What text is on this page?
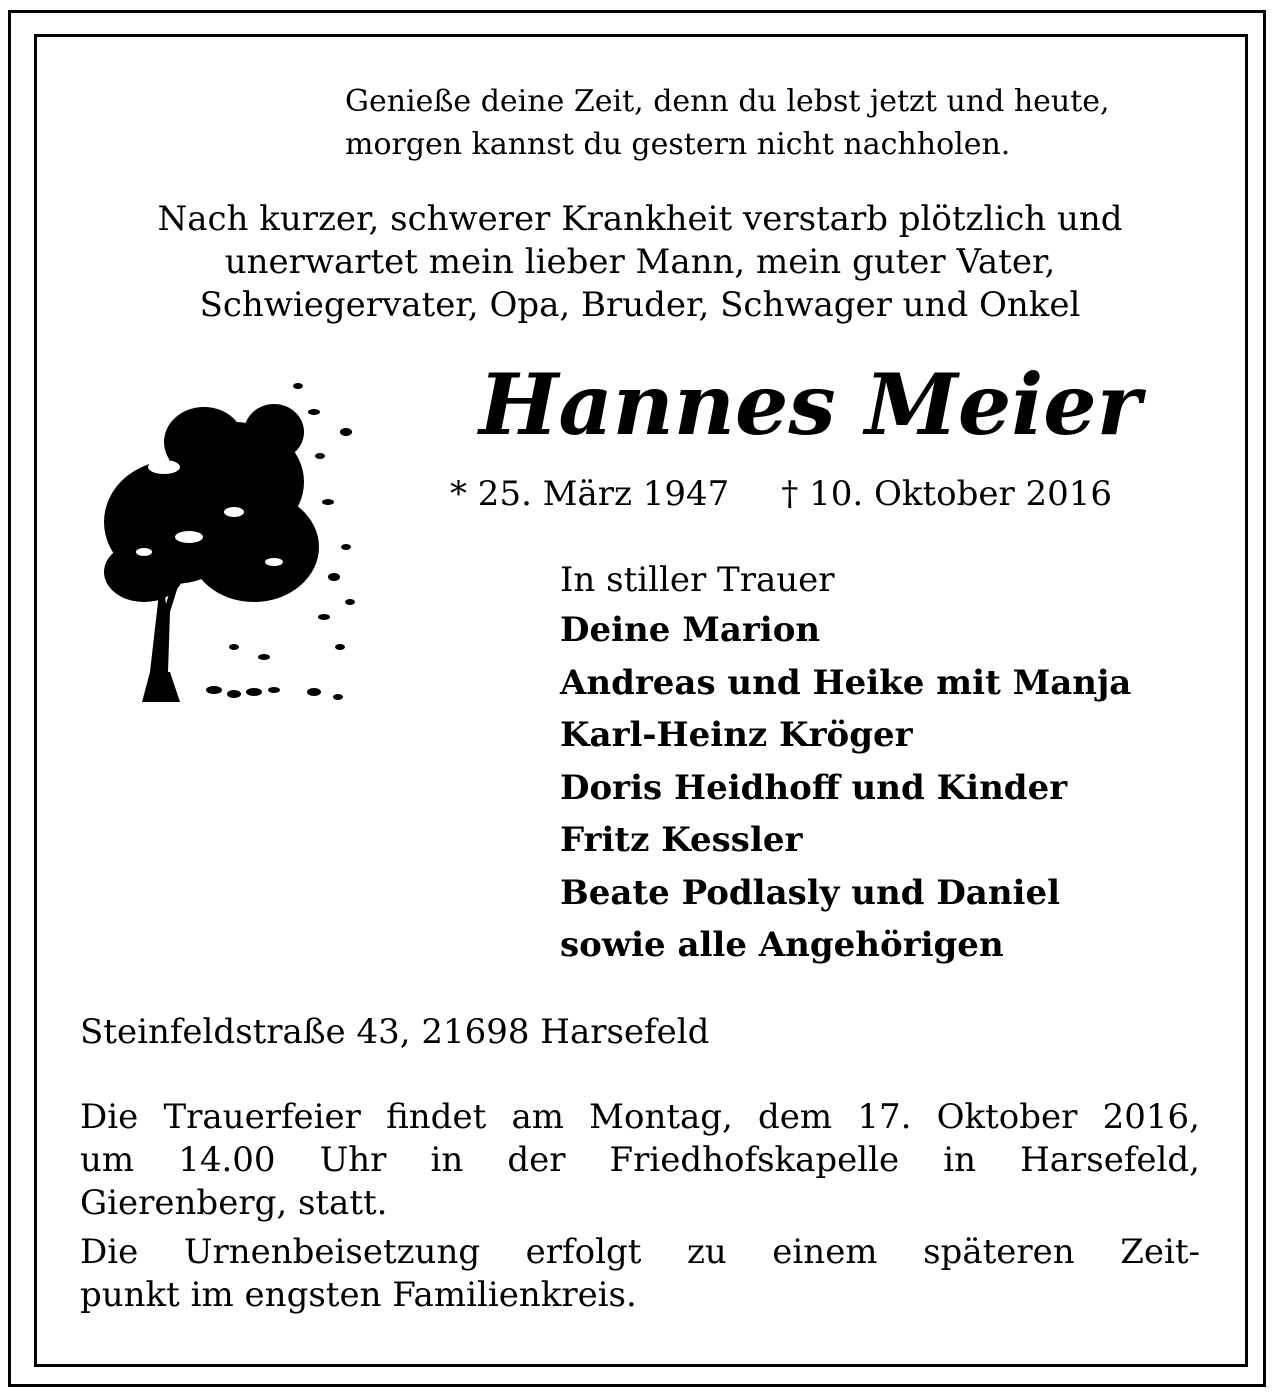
Genieße deine Zeit, denn du lebst jetzt und heute,
morgen kannst du gestern nicht nachholen.
Nach kurzer, schwerer Krankheit verstarb plötzlich und
unerwartet mein lieber Mann, mein guter Vater,
Schwiegervater, Opa, Bruder, Schwager und Onkel
Hannes Meier
* 25. März 1947 † 10. Oktober 2016
In stiller Trauer
Deine Marion
Andreas und Heike mit Manja
Karl-Heinz Kröger
Doris Heidhoff und Kinder
Fritz Kessler
Beate Podlasly und Daniel
sowie alle Angehörigen
Steinfeldstraße 43, 21698 Harsefeld
Die Trauerfeier findet am Montag, dem 17. Oktober 2016,
um 14.00 Uhr in der Friedhofskapelle in Harsefeld,
Gierenberg, statt.
Die Urnenbeisetzung erfolgt zu einem späteren Zeit-
punkt im engsten Familienkreis.
